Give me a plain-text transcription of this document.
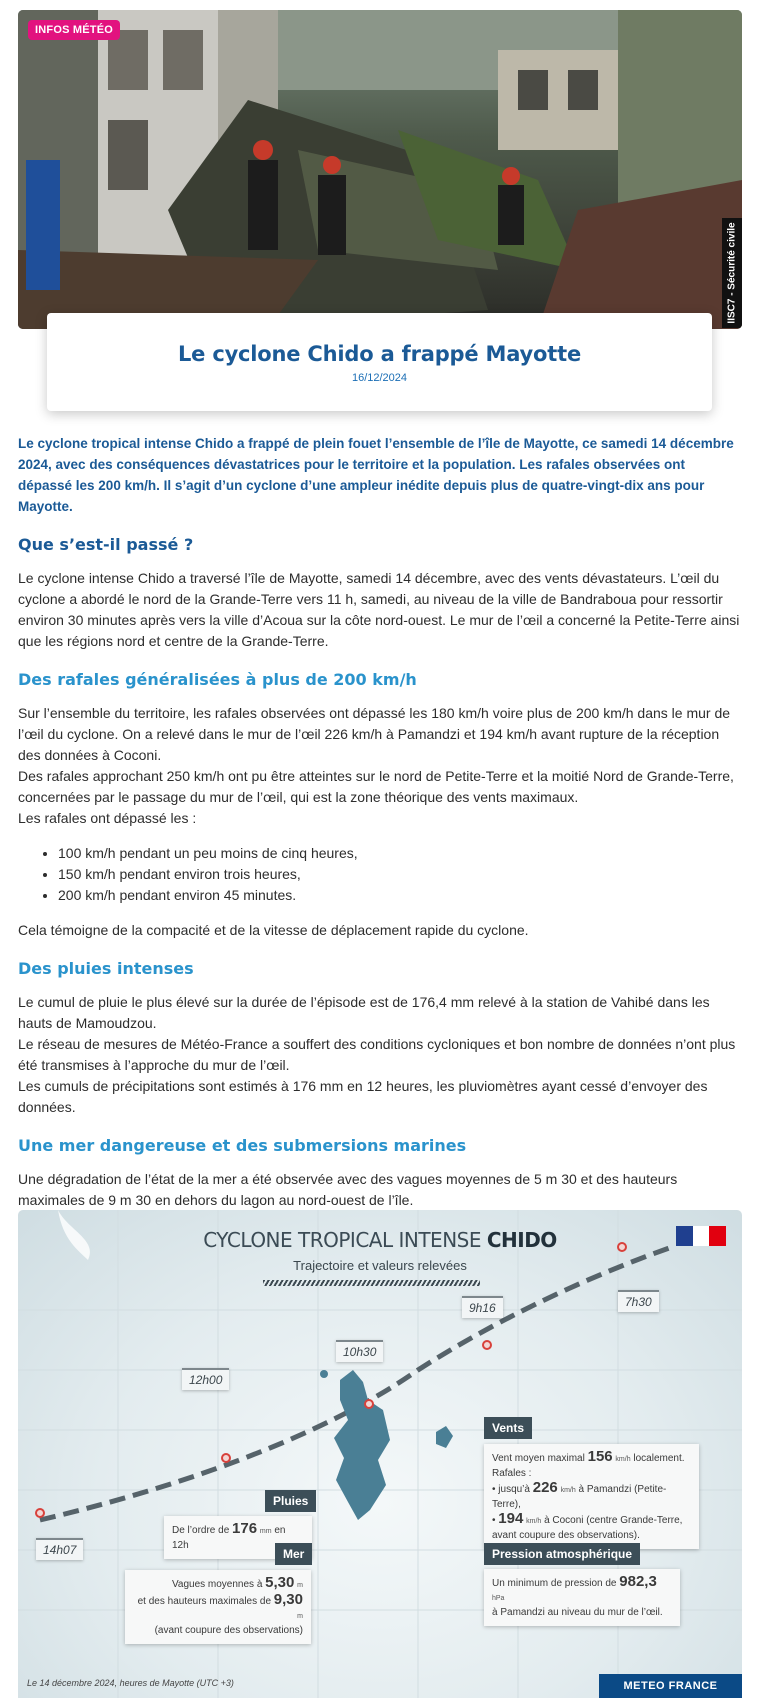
INFOS MÉTÉO
IISC7 - Sécurité civile
Le cyclone Chido a frappé Mayotte
16/12/2024

Le cyclone tropical intense Chido a frappé de plein fouet l’ensemble de l’île de Mayotte, ce samedi 14 décembre 2024, avec des conséquences dévastatrices pour le territoire et la population. Les rafales observées ont dépassé les 200 km/h. Il s’agit d’un cyclone d’une ampleur inédite depuis plus de quatre-vingt-dix ans pour Mayotte.

Que s’est-il passé ?

Le cyclone intense Chido a traversé l’île de Mayotte, samedi 14 décembre, avec des vents dévastateurs. L’œil du cyclone a abordé le nord de la Grande-Terre vers 11 h, samedi, au niveau de la ville de Bandraboua pour ressortir environ 30 minutes après vers la ville d’Acoua sur la côte nord-ouest. Le mur de l’œil a concerné la Petite-Terre ainsi que les régions nord et centre de la Grande-Terre.

Des rafales généralisées à plus de 200 km/h

Sur l’ensemble du territoire, les rafales observées ont dépassé les 180 km/h voire plus de 200 km/h dans le mur de l’œil du cyclone. On a relevé dans le mur de l’œil 226 km/h à Pamandzi et 194 km/h avant rupture de la réception des données à Coconi.

Des rafales approchant 250 km/h ont pu être atteintes sur le nord de Petite-Terre et la moitié Nord de Grande-Terre, concernées par le passage du mur de l’œil, qui est la zone théorique des vents maximaux.

Les rafales ont dépassé les :

• 100 km/h pendant un peu moins de cinq heures,
• 150 km/h pendant environ trois heures,
• 200 km/h pendant environ 45 minutes.

Cela témoigne de la compacité et de la vitesse de déplacement rapide du cyclone.

Des pluies intenses

Le cumul de pluie le plus élevé sur la durée de l’épisode est de 176,4 mm relevé à la station de Vahibé dans les hauts de Mamoudzou.

Le réseau de mesures de Météo-France a souffert des conditions cycloniques et bon nombre de données n’ont plus été transmises à l’approche du mur de l’œil.

Les cumuls de précipitations sont estimés à 176 mm en 12 heures, les pluviomètres ayant cessé d’envoyer des données.

Une mer dangereuse et des submersions marines

Une dégradation de l’état de la mer a été observée avec des vagues moyennes de 5 m 30 et des hauteurs maximales de 9 m 30 en dehors du lagon au nord-ouest de l’île.

CYCLONE TROPICAL INTENSE CHIDO
Trajectoire et valeurs relevées
7h30
9h16
10h30
12h00
14h07
Vents
Vent moyen maximal 156 km/h localement.
Rafales :
• jusqu’à 226 km/h à Pamandzi (Petite-Terre),
• 194 km/h à Coconi (centre Grande-Terre,
avant coupure des observations).
Pluies
De l’ordre de 176 mm en 12h
Mer
Vagues moyennes à 5,30 m
et des hauteurs maximales de 9,30 m
(avant coupure des observations)
Pression atmosphérique
Un minimum de pression de 982,3 hPa
à Pamandzi au niveau du mur de l’œil.
Le 14 décembre 2024, heures de Mayotte (UTC +3)	METEO FRANCE
